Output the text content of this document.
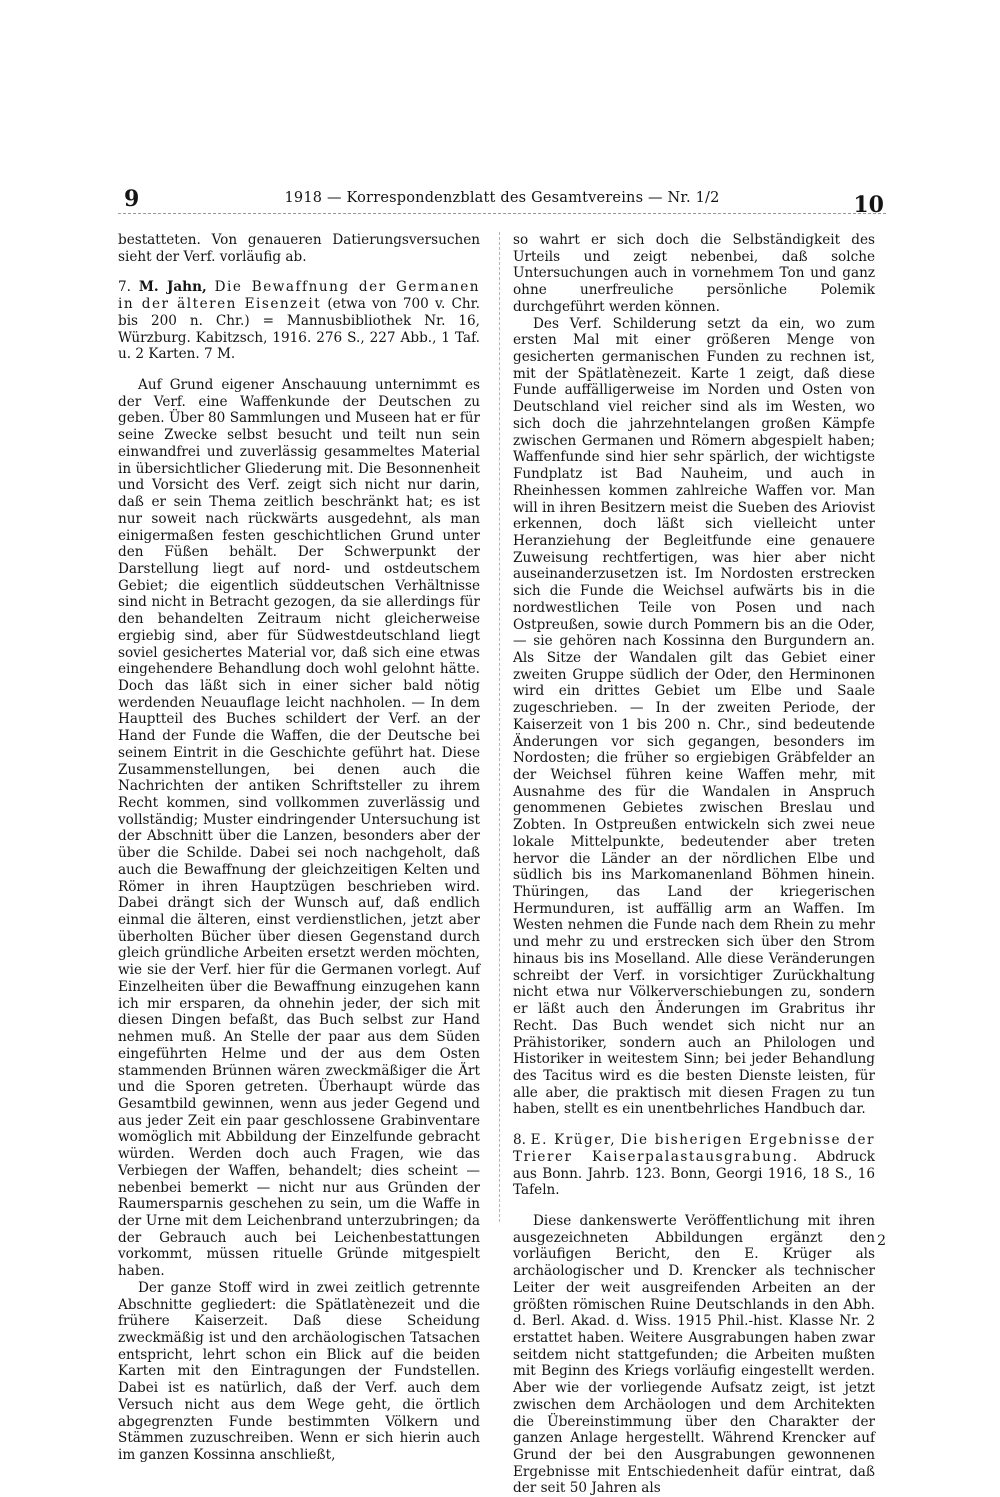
9	1918 — Korrespondenzblatt des Gesamtvereins — Nr. 1/2	10

bestatteten. Von genaueren Datierungsversuchen sieht der Verf. vorläufig ab.

7. M. Jahn, Die Bewaffnung der Germanen in der älteren Eisenzeit (etwa von 700 v. Chr. bis 200 n. Chr.) = Mannusbibliothek Nr. 16, Würzburg. Kabitzsch, 1916. 276 S., 227 Abb., 1 Taf. u. 2 Karten. 7 M.

Auf Grund eigener Anschauung unternimmt es der Verf. eine Waffenkunde der Deutschen zu geben. Über 80 Sammlungen und Museen hat er für seine Zwecke selbst besucht und teilt nun sein einwandfrei und zuverlässig gesammeltes Material in übersichtlicher Gliederung mit. Die Besonnenheit und Vorsicht des Verf. zeigt sich nicht nur darin, daß er sein Thema zeitlich beschränkt hat; es ist nur soweit nach rückwärts ausgedehnt, als man einigermaßen festen geschichtlichen Grund unter den Füßen behält. Der Schwerpunkt der Darstellung liegt auf nord- und ostdeutschem Gebiet; die eigentlich süddeutschen Verhältnisse sind nicht in Betracht gezogen, da sie allerdings für den behandelten Zeitraum nicht gleicherweise ergiebig sind, aber für Südwestdeutschland liegt soviel gesichertes Material vor, daß sich eine etwas eingehendere Behandlung doch wohl gelohnt hätte. Doch das läßt sich in einer sicher bald nötig werdenden Neuauflage leicht nachholen. — In dem Hauptteil des Buches schildert der Verf. an der Hand der Funde die Waffen, die der Deutsche bei seinem Eintrit in die Geschichte geführt hat. Diese Zusammenstellungen, bei denen auch die Nachrichten der antiken Schriftsteller zu ihrem Recht kommen, sind vollkommen zuverlässig und vollständig; Muster eindringender Untersuchung ist der Abschnitt über die Lanzen, besonders aber der über die Schilde. Dabei sei noch nachgeholt, daß auch die Bewaffnung der gleichzeitigen Kelten und Römer in ihren Hauptzügen beschrieben wird. Dabei drängt sich der Wunsch auf, daß endlich einmal die älteren, einst verdienstlichen, jetzt aber überholten Bücher über diesen Gegenstand durch gleich gründliche Arbeiten ersetzt werden möchten, wie sie der Verf. hier für die Germanen vorlegt. Auf Einzelheiten über die Bewaffnung einzugehen kann ich mir ersparen, da ohnehin jeder, der sich mit diesen Dingen befaßt, das Buch selbst zur Hand nehmen muß. An Stelle der paar aus dem Süden eingeführten Helme und der aus dem Osten stammenden Brünnen wären zweckmäßiger die Ärt und die Sporen getreten. Überhaupt würde das Gesamtbild gewinnen, wenn aus jeder Gegend und aus jeder Zeit ein paar geschlossene Grabinventare womöglich mit Abbildung der Einzelfunde gebracht würden. Werden doch auch Fragen, wie das Verbiegen der Waffen, behandelt; dies scheint — nebenbei bemerkt — nicht nur aus Gründen der Raumersparnis geschehen zu sein, um die Waffe in der Urne mit dem Leichenbrand unterzubringen; da der Gebrauch auch bei Leichenbestattungen vorkommt, müssen rituelle Gründe mitgespielt haben.

Der ganze Stoff wird in zwei zeitlich getrennte Abschnitte gegliedert: die Spätlatènezeit und die frühere Kaiserzeit. Daß diese Scheidung zweckmäßig ist und den archäologischen Tatsachen entspricht, lehrt schon ein Blick auf die beiden Karten mit den Eintragungen der Fundstellen. Dabei ist es natürlich, daß der Verf. auch dem Versuch nicht aus dem Wege geht, die örtlich abgegrenzten Funde bestimmten Völkern und Stämmen zuzuschreiben. Wenn er sich hierin auch im ganzen Kossinna anschließt,

so wahrt er sich doch die Selbständigkeit des Urteils und zeigt nebenbei, daß solche Untersuchungen auch in vornehmem Ton und ganz ohne unerfreuliche persönliche Polemik durchgeführt werden können.

Des Verf. Schilderung setzt da ein, wo zum ersten Mal mit einer größeren Menge von gesicherten germanischen Funden zu rechnen ist, mit der Spätlatènezeit. Karte 1 zeigt, daß diese Funde auffälligerweise im Norden und Osten von Deutschland viel reicher sind als im Westen, wo sich doch die jahrzehntelangen großen Kämpfe zwischen Germanen und Römern abgespielt haben; Waffenfunde sind hier sehr spärlich, der wichtigste Fundplatz ist Bad Nauheim, und auch in Rheinhessen kommen zahlreiche Waffen vor. Man will in ihren Besitzern meist die Sueben des Ariovist erkennen, doch läßt sich vielleicht unter Heranziehung der Begleitfunde eine genauere Zuweisung rechtfertigen, was hier aber nicht auseinanderzusetzen ist. Im Nordosten erstrecken sich die Funde die Weichsel aufwärts bis in die nordwestlichen Teile von Posen und nach Ostpreußen, sowie durch Pommern bis an die Oder, — sie gehören nach Kossinna den Burgundern an. Als Sitze der Wandalen gilt das Gebiet einer zweiten Gruppe südlich der Oder, den Herminonen wird ein drittes Gebiet um Elbe und Saale zugeschrieben. — In der zweiten Periode, der Kaiserzeit von 1 bis 200 n. Chr., sind bedeutende Änderungen vor sich gegangen, besonders im Nordosten; die früher so ergiebigen Gräbfelder an der Weichsel führen keine Waffen mehr, mit Ausnahme des für die Wandalen in Anspruch genommenen Gebietes zwischen Breslau und Zobten. In Ostpreußen entwickeln sich zwei neue lokale Mittelpunkte, bedeutender aber treten hervor die Länder an der nördlichen Elbe und südlich bis ins Markomanenland Böhmen hinein. Thüringen, das Land der kriegerischen Hermunduren, ist auffällig arm an Waffen. Im Westen nehmen die Funde nach dem Rhein zu mehr und mehr zu und erstrecken sich über den Strom hinaus bis ins Moselland. Alle diese Veränderungen schreibt der Verf. in vorsichtiger Zurückhaltung nicht etwa nur Völkerverschiebungen zu, sondern er läßt auch den Änderungen im Grabritus ihr Recht. Das Buch wendet sich nicht nur an Prähistoriker, sondern auch an Philologen und Historiker in weitestem Sinn; bei jeder Behandlung des Tacitus wird es die besten Dienste leisten, für alle aber, die praktisch mit diesen Fragen zu tun haben, stellt es ein unentbehrliches Handbuch dar.

8. E. Krüger, Die bisherigen Ergebnisse der Trierer Kaiserpalastausgrabung. Abdruck aus Bonn. Jahrb. 123. Bonn, Georgi 1916, 18 S., 16 Tafeln.

Diese dankenswerte Veröffentlichung mit ihren ausgezeichneten Abbildungen ergänzt den vorläufigen Bericht, den E. Krüger als archäologischer und D. Krencker als technischer Leiter der weit ausgreifenden Arbeiten an der größten römischen Ruine Deutschlands in den Abh. d. Berl. Akad. d. Wiss. 1915 Phil.-hist. Klasse Nr. 2 erstattet haben. Weitere Ausgrabungen haben zwar seitdem nicht stattgefunden; die Arbeiten mußten mit Beginn des Kriegs vorläufig eingestellt werden. Aber wie der vorliegende Aufsatz zeigt, ist jetzt zwischen dem Archäologen und dem Architekten die Übereinstimmung über den Charakter der ganzen Anlage hergestellt. Während Krencker auf Grund der bei den Ausgrabungen gewonnenen Ergebnisse mit Entschiedenheit dafür eintrat, daß der seit 50 Jahren als

2
